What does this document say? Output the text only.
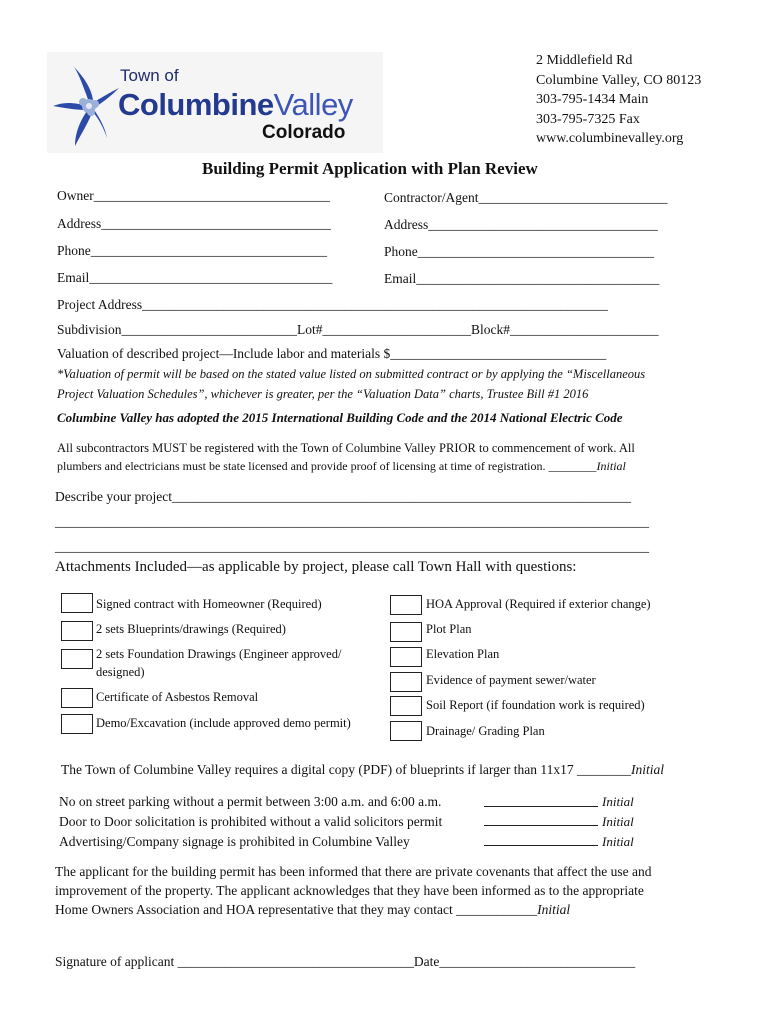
Town of
ColumbineValley
Colorado
2 Middlefield Rd
Columbine Valley, CO 80123
303-795-1434 Main
303-795-7325 Fax
www.columbinevalley.org
Building Permit Application with Plan Review
Owner___________________________________	Contractor/Agent____________________________
Address__________________________________	Address__________________________________
Phone___________________________________	Phone___________________________________
Email____________________________________	Email____________________________________
Project Address_____________________________________________________________________
Subdivision__________________________Lot#______________________Block#______________________
Valuation of described project—Include labor and materials $________________________________
*Valuation of permit will be based on the stated value listed on submitted contract or by applying the “Miscellaneous
Project Valuation Schedules”, whichever is greater, per the “Valuation Data” charts, Trustee Bill #1 2016
Columbine Valley has adopted the 2015 International Building Code and the 2014 National Electric Code
All subcontractors MUST be registered with the Town of Columbine Valley PRIOR to commencement of work. All
plumbers and electricians must be state licensed and provide proof of licensing at time of registration. ________Initial
Describe your project____________________________________________________________________
________________________________________________________________________________________
________________________________________________________________________________________
Attachments Included—as applicable by project, please call Town Hall with questions:
Signed contract with Homeowner (Required)
2 sets Blueprints/drawings (Required)
2 sets Foundation Drawings (Engineer approved/
designed)
Certificate of Asbestos Removal
Demo/Excavation (include approved demo permit)
HOA Approval (Required if exterior change)
Plot Plan
Elevation Plan
Evidence of payment sewer/water
Soil Report (if foundation work is required)
Drainage/ Grading Plan
The Town of Columbine Valley requires a digital copy (PDF) of blueprints if larger than 11x17 ________Initial
No on street parking without a permit between 3:00 a.m. and 6:00 a.m.	Initial
Door to Door solicitation is prohibited without a valid solicitors permit	Initial
Advertising/Company signage is prohibited in Columbine Valley	Initial
The applicant for the building permit has been informed that there are private covenants that affect the use and
improvement of the property. The applicant acknowledges that they have been informed as to the appropriate
Home Owners Association and HOA representative that they may contact ____________Initial
Signature of applicant ___________________________________Date_____________________________
